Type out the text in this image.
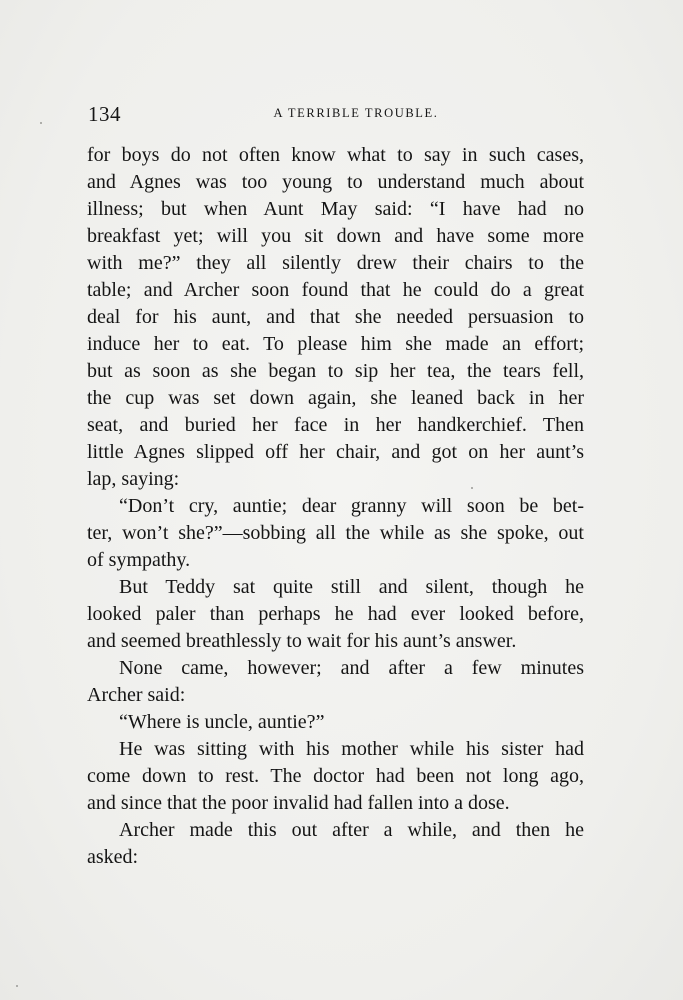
134	A TERRIBLE TROUBLE.
for boys do not often know what to say in such cases,
and Agnes was too young to understand much about
illness; but when Aunt May said: “I have had no
breakfast yet; will you sit down and have some more
with me?” they all silently drew their chairs to the
table; and Archer soon found that he could do a great
deal for his aunt, and that she needed persuasion to
induce her to eat. To please him she made an effort;
but as soon as she began to sip her tea, the tears fell,
the cup was set down again, she leaned back in her
seat, and buried her face in her handkerchief. Then
little Agnes slipped off her chair, and got on her aunt’s
lap, saying:
“Don’t cry, auntie; dear granny will soon be bet-
ter, won’t she?”—sobbing all the while as she spoke, out
of sympathy.
But Teddy sat quite still and silent, though he
looked paler than perhaps he had ever looked before,
and seemed breathlessly to wait for his aunt’s answer.
None came, however; and after a few minutes
Archer said:
“Where is uncle, auntie?”
He was sitting with his mother while his sister had
come down to rest. The doctor had been not long ago,
and since that the poor invalid had fallen into a dose.
Archer made this out after a while, and then he
asked:
